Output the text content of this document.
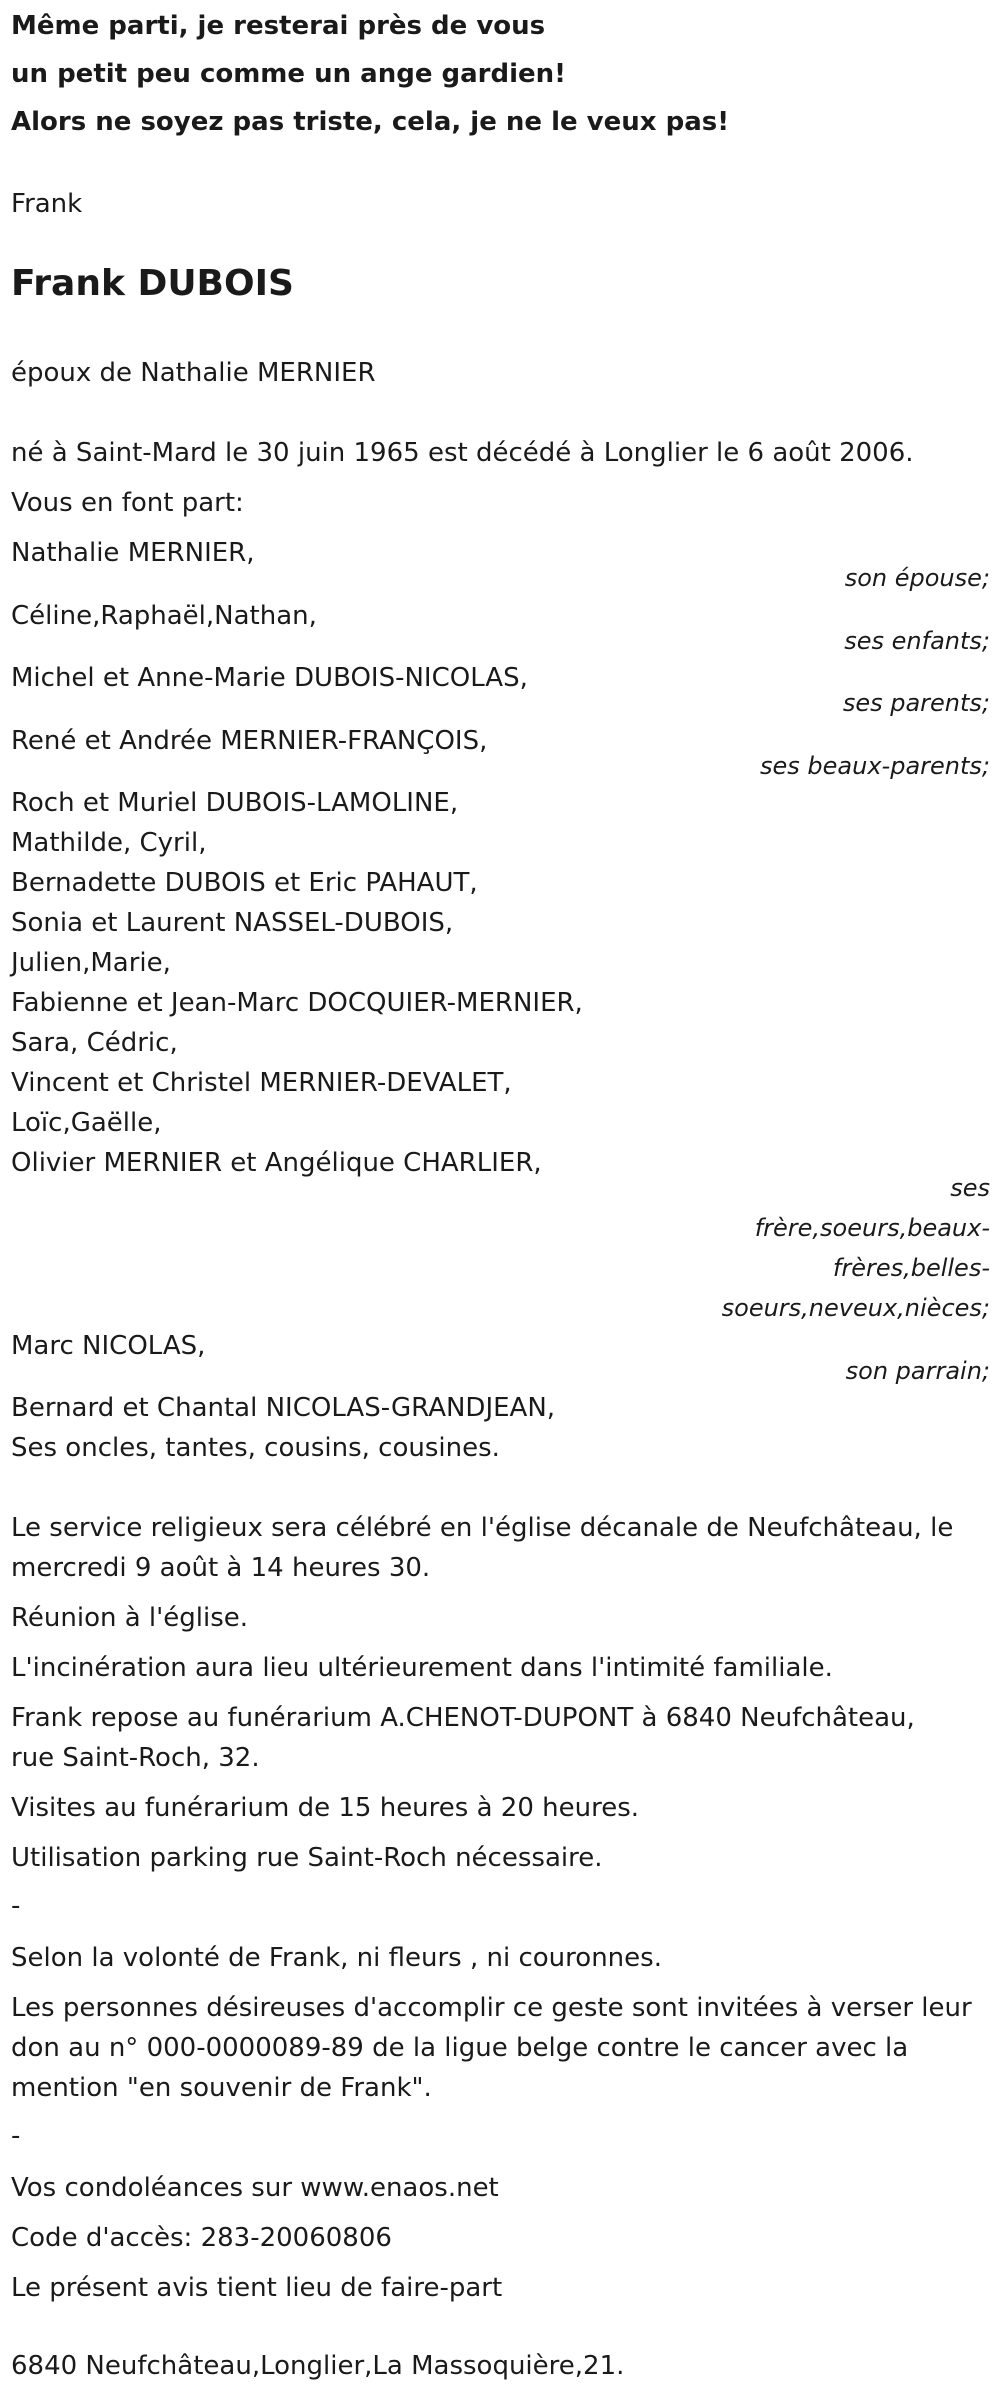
Même parti, je resterai près de vous

un petit peu comme un ange gardien!

Alors ne soyez pas triste, cela, je ne le veux pas!

Frank

Frank DUBOIS

époux de Nathalie MERNIER

né à Saint-Mard le 30 juin 1965 est décédé à Longlier le 6 août 2006.

Vous en font part:

Nathalie MERNIER,

son épouse;

Céline,Raphaël,Nathan,

ses enfants;

Michel et Anne-Marie DUBOIS-NICOLAS,

ses parents;

René et Andrée MERNIER-FRANÇOIS,

ses beaux-parents;

Roch et Muriel DUBOIS-LAMOLINE,

Mathilde, Cyril,

Bernadette DUBOIS et Eric PAHAUT,

Sonia et Laurent NASSEL-DUBOIS,

Julien,Marie,

Fabienne et Jean-Marc DOCQUIER-MERNIER,

Sara, Cédric,

Vincent et Christel MERNIER-DEVALET,

Loïc,Gaëlle,

Olivier MERNIER et Angélique CHARLIER,

ses
frère,soeurs,beaux-
frères,belles-
soeurs,neveux,nièces;

Marc NICOLAS,

son parrain;

Bernard et Chantal NICOLAS-GRANDJEAN,

Ses oncles, tantes, cousins, cousines.

Le service religieux sera célébré en l'église décanale de Neufchâteau, le

mercredi 9 août à 14 heures 30.

Réunion à l'église.

L'incinération aura lieu ultérieurement dans l'intimité familiale.

Frank repose au funérarium A.CHENOT-DUPONT à 6840 Neufchâteau,

rue Saint-Roch, 32.

Visites au funérarium de 15 heures à 20 heures.

Utilisation parking rue Saint-Roch nécessaire.

-

Selon la volonté de Frank, ni fleurs , ni couronnes.

Les personnes désireuses d'accomplir ce geste sont invitées à verser leur

don au n° 000-0000089-89 de la ligue belge contre le cancer avec la

mention "en souvenir de Frank".

-

Vos condoléances sur www.enaos.net

Code d'accès: 283-20060806

Le présent avis tient lieu de faire-part

6840 Neufchâteau,Longlier,La Massoquière,21.
